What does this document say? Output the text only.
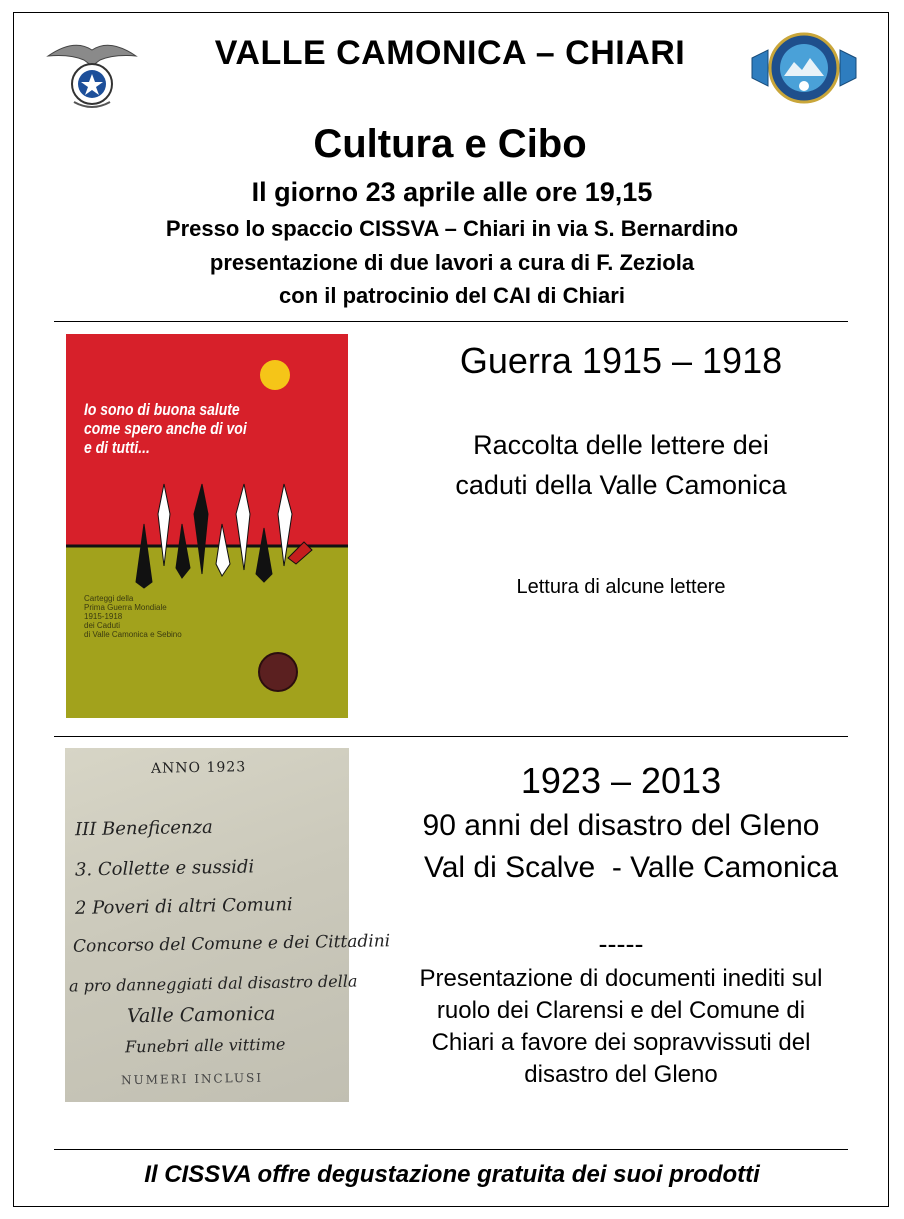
VALLE CAMONICA – CHIARI
Cultura e Cibo
Il giorno 23 aprile alle ore 19,15
Presso lo spaccio CISSVA – Chiari in via S. Bernardino
presentazione di due lavori a cura di F. Zeziola
con il patrocinio del CAI di Chiari
Io sono di buona salute
come spero anche di voi
e di tutti...
Carteggi della
Prima Guerra Mondiale
1915-1918
dei Caduti
di Valle Camonica e Sebino
Guerra 1915 – 1918
Raccolta delle lettere dei
caduti della Valle Camonica
Lettura di alcune lettere
ANNO 1923
III Beneficenza
3. Collette e sussidi
2 Poveri di altri Comuni
Concorso del Comune e dei Cittadini
a pro danneggiati dal disastro della
Valle Camonica
Funebri alle vittime
NUMERI INCLUSI
1923 – 2013
90 anni del disastro del Gleno
Val di Scalve  - Valle Camonica
-----
Presentazione di documenti inediti sul
ruolo dei Clarensi e del Comune di
Chiari a favore dei sopravvissuti del
disastro del Gleno
Il CISSVA offre degustazione gratuita dei suoi prodotti
